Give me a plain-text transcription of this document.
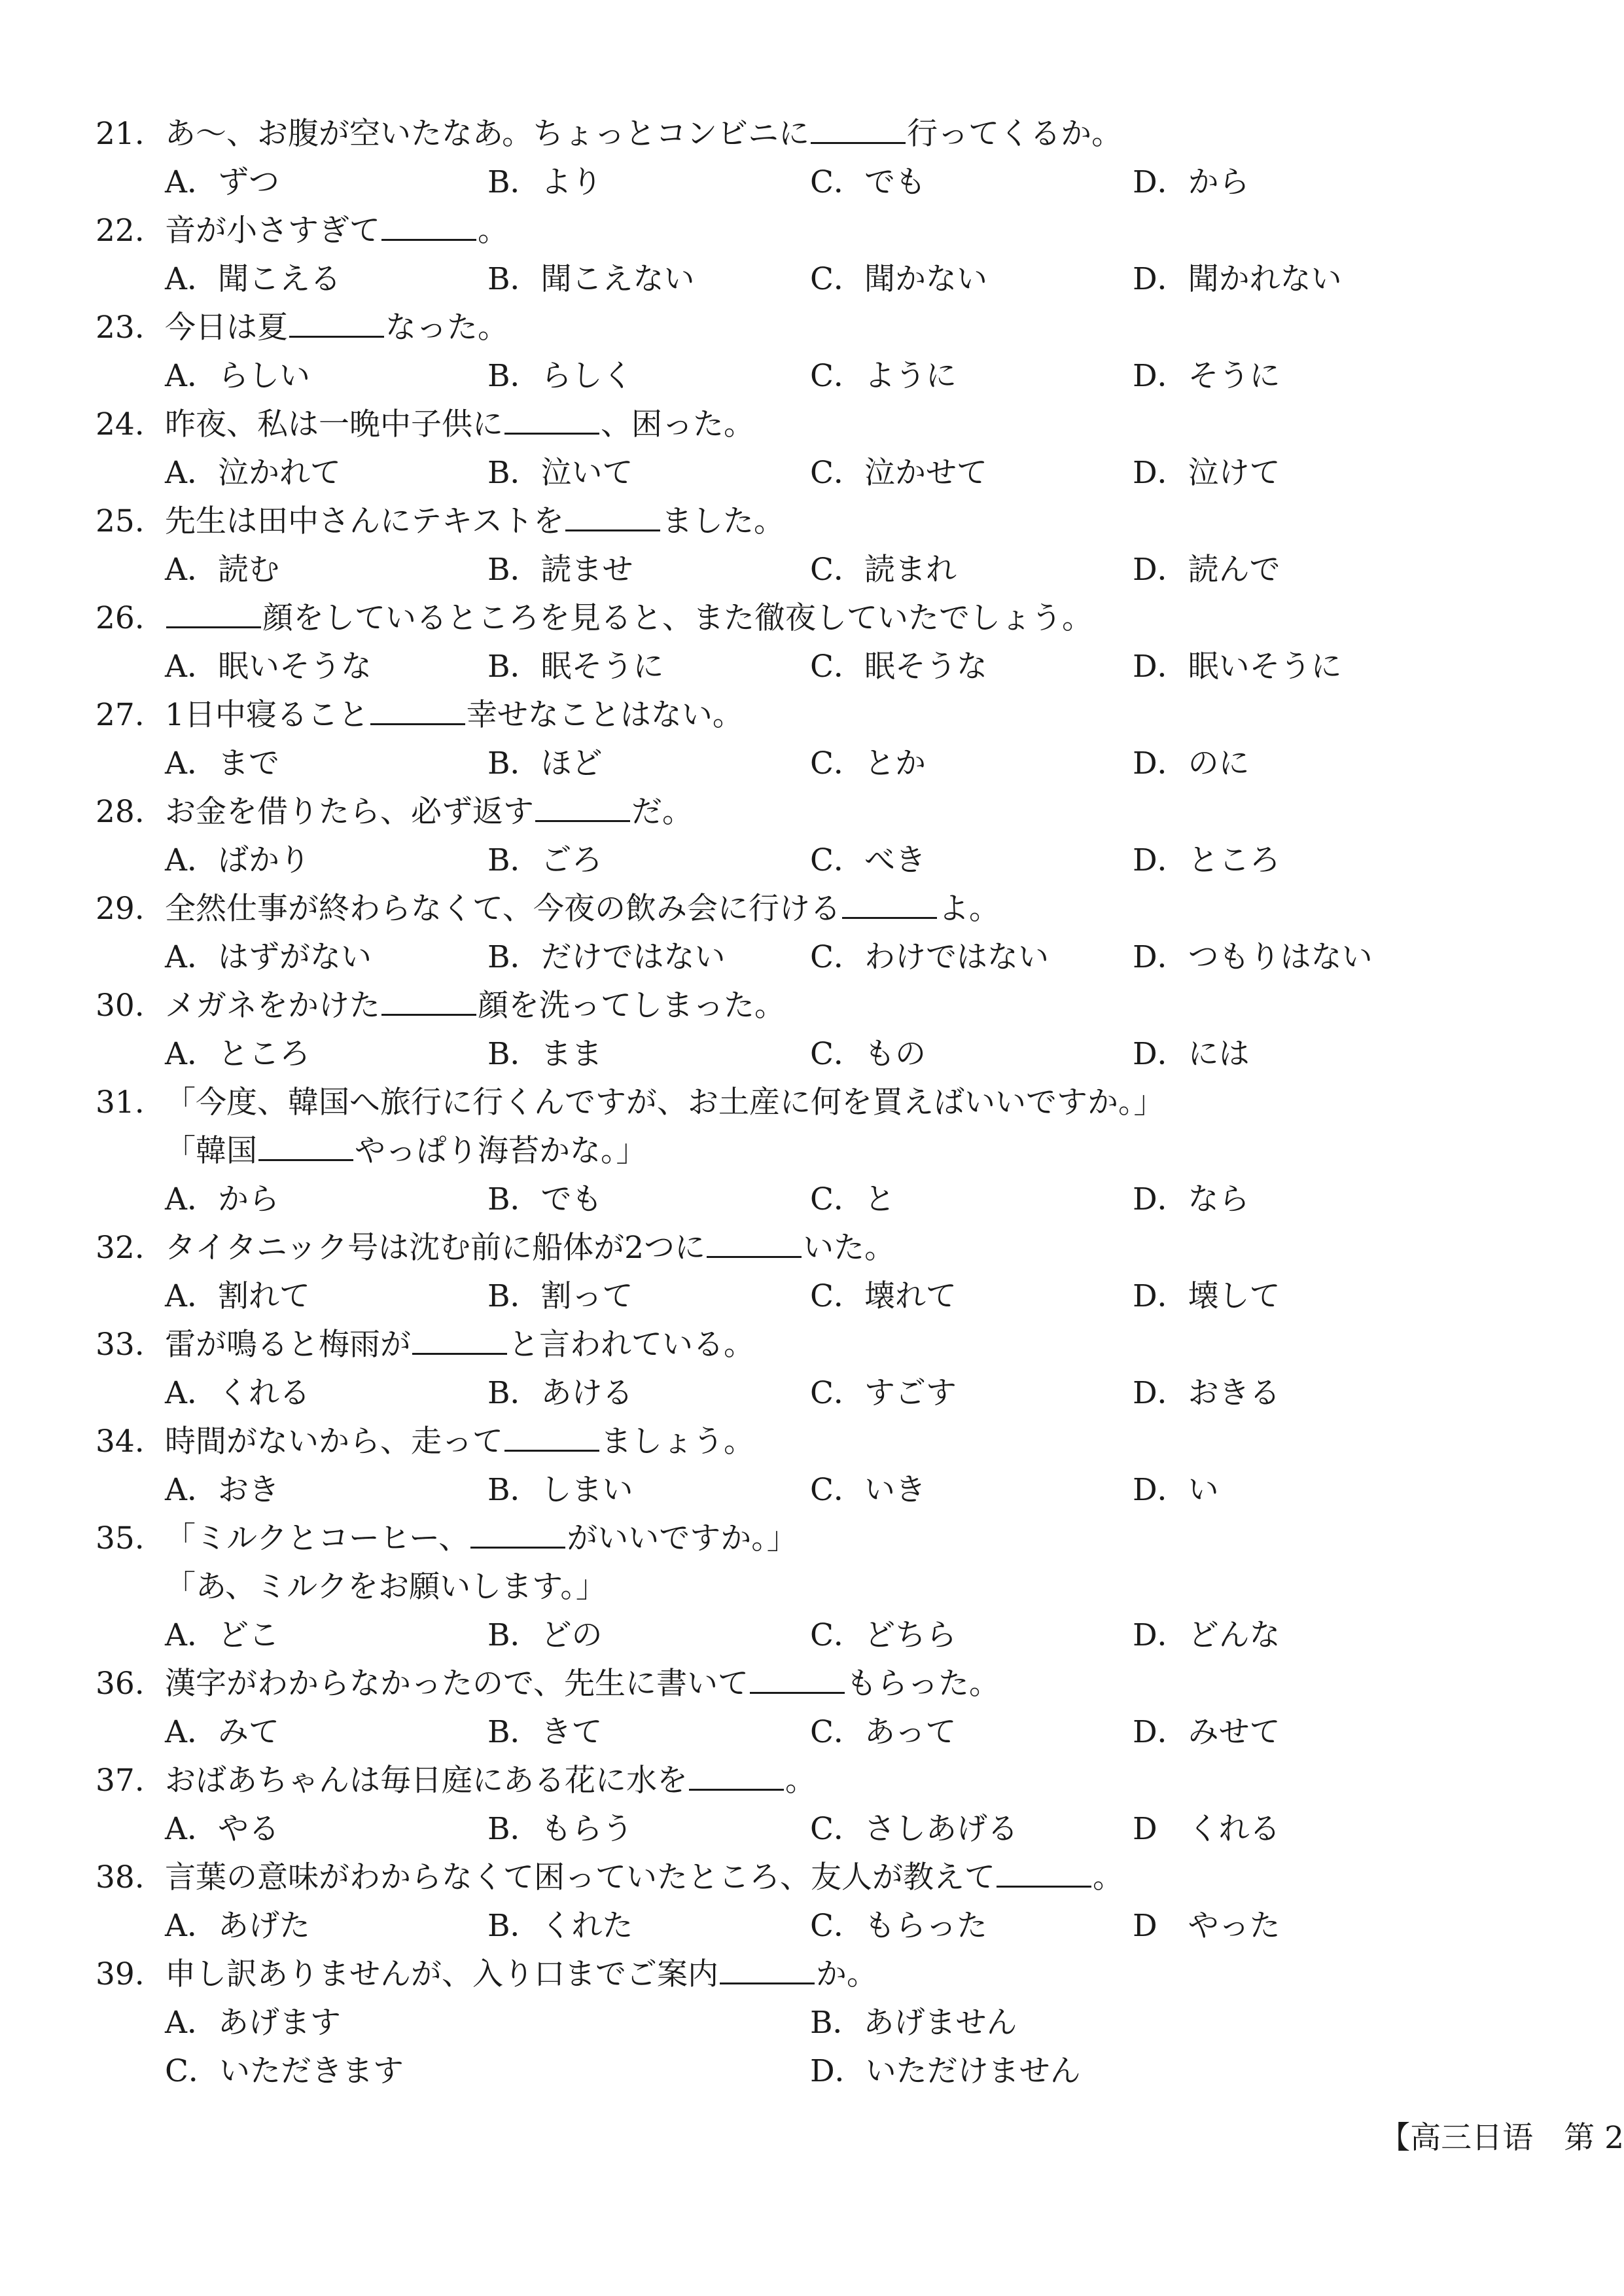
21. あ～、お腹が空いたなあ。ちょっとコンビニに	行ってくるか。
A．ずつ	B．より	C．でも	D．から
22. 音が小さすぎて	。
A．聞こえる	B．聞こえない	C．聞かない	D．聞かれない
23. 今日は夏	なった。
A．らしい	B．らしく	C．ように	D．そうに
24. 昨夜、私は一晩中子供に	、困った。
A．泣かれて	B．泣いて	C．泣かせて	D．泣けて
25. 先生は田中さんにテキストを	ました。
A．読む	B．読ませ	C．読まれ	D．読んで
26.	顔をしているところを見ると、また徹夜していたでしょう。
A．眠いそうな	B．眠そうに	C．眠そうな	D．眠いそうに
27. 1日中寝ること	幸せなことはない。
A．まで	B．ほど	C．とか	D．のに
28. お金を借りたら、必ず返す	だ。
A．ばかり	B．ごろ	C．べき	D．ところ
29. 全然仕事が終わらなくて、今夜の飲み会に行ける	よ。
A．はずがない	B．だけではない	C．わけではない	D．つもりはない
30. メガネをかけた	顔を洗ってしまった。
A．ところ	B．まま	C．もの	D．には
31. 「今度、韓国へ旅行に行くんですが、お土産に何を買えばいいですか。」
「韓国	やっぱり海苔かな。」
A．から	B．でも	C．と	D．なら
32. タイタニック号は沈む前に船体が2つに	いた。
A．割れて	B．割って	C．壊れて	D．壊して
33. 雷が鳴ると梅雨が	と言われている。
A．くれる	B．あける	C．すごす	D．おきる
34. 時間がないから、走って	ましょう。
A．おき	B．しまい	C．いき	D．い
35. 「ミルクとコーヒー、	がいいですか。」
「あ、ミルクをお願いします。」
A．どこ	B．どの	C．どちら	D．どんな
36. 漢字がわからなかったので、先生に書いて	もらった。
A．みて	B．きて	C．あって	D．みせて
37. おばあちゃんは毎日庭にある花に水を	。
A．やる	B．もらう	C．さしあげる	D　くれる
38. 言葉の意味がわからなくて困っていたところ、友人が教えて	。
A．あげた	B．くれた	C．もらった	D　やった
39. 申し訳ありませんが、入り口までご案内	か。
A．あげます	B．あげません
C．いただきます	D．いただけません
【高三日语　第 2
